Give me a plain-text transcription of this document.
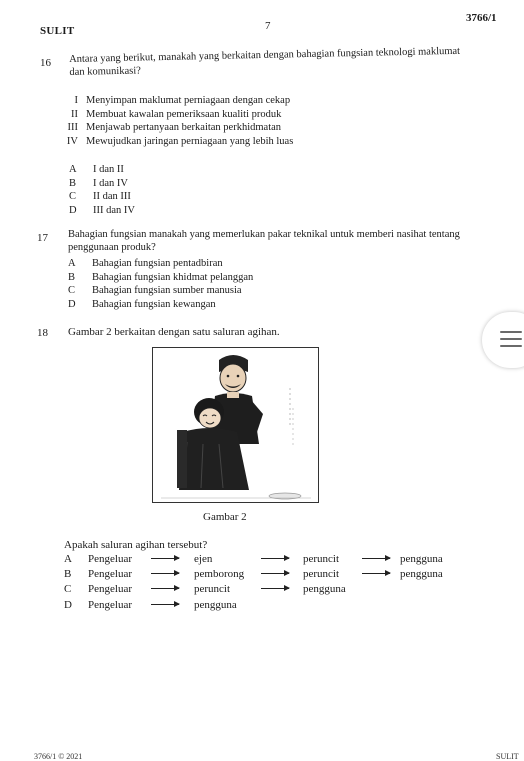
SULIT	7
3766/1
16 Antara yang berikut, manakah yang berkaitan dengan bahagian fungsian teknologi maklumat dan komunikasi?
I Menyimpan maklumat perniagaan dengan cekap
II Membuat kawalan pemeriksaan kualiti produk
III Menjawab pertanyaan berkaitan perkhidmatan
IV Mewujudkan jaringan perniagaan yang lebih luas
A I dan II
B I dan IV
C II dan III
D III dan IV
17 Bahagian fungsian manakah yang memerlukan pakar teknikal untuk memberi nasihat tentang penggunaan produk?
A Bahagian fungsian pentadbiran
B Bahagian fungsian khidmat pelanggan
C Bahagian fungsian sumber manusia
D Bahagian fungsian kewangan
18 Gambar 2 berkaitan dengan satu saluran agihan.
Gambar 2
Apakah saluran agihan tersebut?
A Pengeluar	ejen	peruncit	pengguna
B Pengeluar	pemborong	peruncit	pengguna
C Pengeluar	peruncit	pengguna
D Pengeluar	pengguna
3766/1 © 2021	SULIT
